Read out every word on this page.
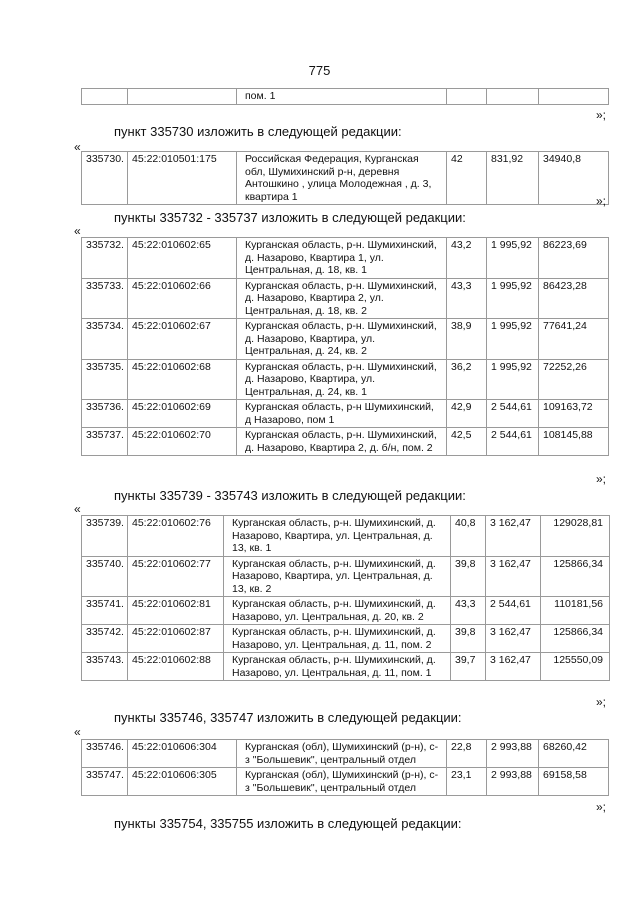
775
		пом. 1			
»;
пункт 335730 изложить в следующей редакции:
«
335730.	45:22:010501:175	Российская Федерация, Курганская обл, Шумихинский р-н, деревня Антошкино , улица Молодежная , д. 3, квартира 1	42	831,92	34940,8
»;
пункты 335732 - 335737 изложить в следующей редакции:
«
335732.	45:22:010602:65	Курганская область, р-н. Шумихинский, д. Назарово, Квартира 1, ул. Центральная, д. 18, кв. 1	43,2	1 995,92	86223,69
335733.	45:22:010602:66	Курганская область, р-н. Шумихинский, д. Назарово, Квартира 2, ул. Центральная, д. 18, кв. 2	43,3	1 995,92	86423,28
335734.	45:22:010602:67	Курганская область, р-н. Шумихинский, д. Назарово, Квартира, ул. Центральная, д. 24, кв. 2	38,9	1 995,92	77641,24
335735.	45:22:010602:68	Курганская область, р-н. Шумихинский, д. Назарово, Квартира, ул. Центральная, д. 24, кв. 1	36,2	1 995,92	72252,26
335736.	45:22:010602:69	Курганская область, р-н Шумихинский, д Назарово, пом 1	42,9	2 544,61	109163,72
335737.	45:22:010602:70	Курганская область, р-н. Шумихинский, д. Назарово, Квартира 2, д. б/н, пом. 2	42,5	2 544,61	108145,88
»;
пункты 335739 - 335743 изложить в следующей редакции:
«
335739.	45:22:010602:76	Курганская область, р-н. Шумихинский, д. Назарово, Квартира, ул. Центральная, д. 13, кв. 1	40,8	3 162,47	129028,81
335740.	45:22:010602:77	Курганская область, р-н. Шумихинский, д. Назарово, Квартира, ул. Центральная, д. 13, кв. 2	39,8	3 162,47	125866,34
335741.	45:22:010602:81	Курганская область, р-н. Шумихинский, д. Назарово, ул. Центральная, д. 20, кв. 2	43,3	2 544,61	110181,56
335742.	45:22:010602:87	Курганская область, р-н. Шумихинский, д. Назарово, ул. Центральная, д. 11, пом. 2	39,8	3 162,47	125866,34
335743.	45:22:010602:88	Курганская область, р-н. Шумихинский, д. Назарово, ул. Центральная, д. 11, пом. 1	39,7	3 162,47	125550,09
»;
пункты 335746, 335747 изложить в следующей редакции:
«
335746.	45:22:010606:304	Курганская (обл), Шумихинский (р-н), с-з "Большевик", центральный отдел	22,8	2 993,88	68260,42
335747.	45:22:010606:305	Курганская (обл), Шумихинский (р-н), с-з "Большевик", центральный отдел	23,1	2 993,88	69158,58
»;
пункты 335754, 335755 изложить в следующей редакции:
